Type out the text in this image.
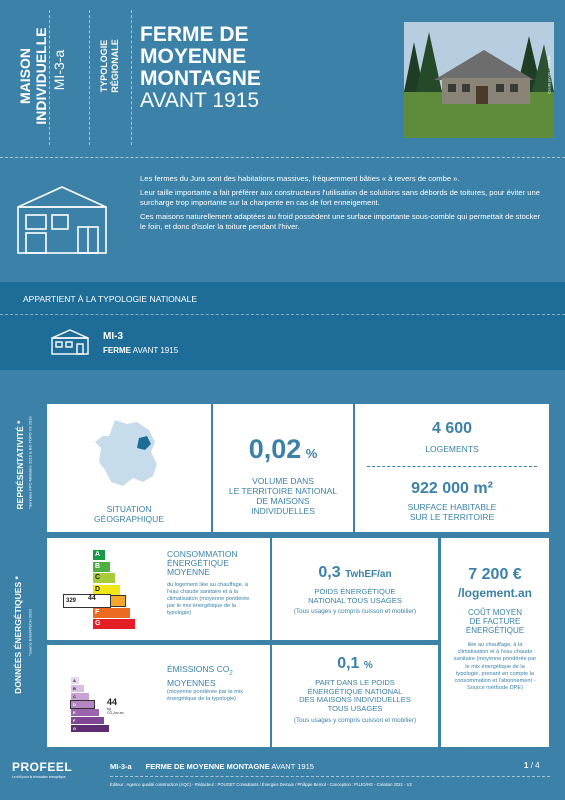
MAISON INDIVIDUELLE MI-3-a	TYPOLOGIE RÉGIONALE
FERME DE
MOYENNE
MONTAGNE
AVANT 1915
Crédit photo : XXXXX

Les fermes du Jura sont des habitations massives, fréquemment bâties « à revers de combe ».

Leur taille importante a fait préférer aux constructeurs l'utilisation de solutions sans débords de toitures, pour éviter une surcharge trop importante sur la charpente en cas de fort enneigement.

Ces maisons naturellement adaptées au froid possèdent une surface importante sous-comble qui permettait de stocker le foin, et donc d'isoler la toiture pendant l'hiver.

APPARTIENT À LA TYPOLOGIE NATIONALE
MI-3
FERME AVANT 1915
REPRÉSENTATIVITÉ * *données FPC-Ministère 2019 & BD TOPO V3 2019
SITUATION
GÉOGRAPHIQUE
0,02 %
VOLUME DANS
LE TERRITOIRE NATIONAL
DE MAISONS
INDIVIDUELLES
4 600
LOGEMENTS
922 000 m²
SURFACE HABITABLE
SUR LE TERRITOIRE
DONNÉES ÉNERGÉTIQUES * *source ENERTECH 2020
A
B
C
D
F
G
329 44
CONSOMMATION
ÉNERGÉTIQUE
MOYENNE
du logement liée au chauffage, à l'eau chaude sanitaire et à la climatisation (moyenne pondérée par le mix énergétique de la typologie)
A
B
C
D
E
F
G
44
kg CO₂/m².an
ÉMISSIONS $CO_2$
MOYENNES
(moyenne pondérée par le mix énergétique de la typologie)
0,3 TwhEF/an
POIDS ÉNERGÉTIQUE
NATIONAL TOUS USAGES
(Tous usages y compris cuisson et mobilier)
0,1 %
PART DANS LE POIDS
ÉNERGÉTIQUE NATIONAL
DES MAISONS INDIVIDUELLES
TOUS USAGES
(Tous usages y compris cuisson et mobilier)
7 200 €
/logement.an
COÛT MOYEN
DE FACTURE
ÉNERGÉTIQUE
liée au chauffage, à la climatisation et à l'eau chaude sanitaire (moyenne pondérée par le mix énergétique de la typologie, prenant en compte la consommation et l'abonnement - Source méthode DPE)
PROFEEL
Le défi pour la rénovation énergétique
MI-3-a FERME DE MOYENNE MONTAGNE AVANT 1915	1 / 4
Éditeur : Agence qualité construction (AQC) - Rédacteur : POUGET Consultants / Énergies Demain / Philippe Bernot - Conception : PUJO/HG - Création 2021 - V2
